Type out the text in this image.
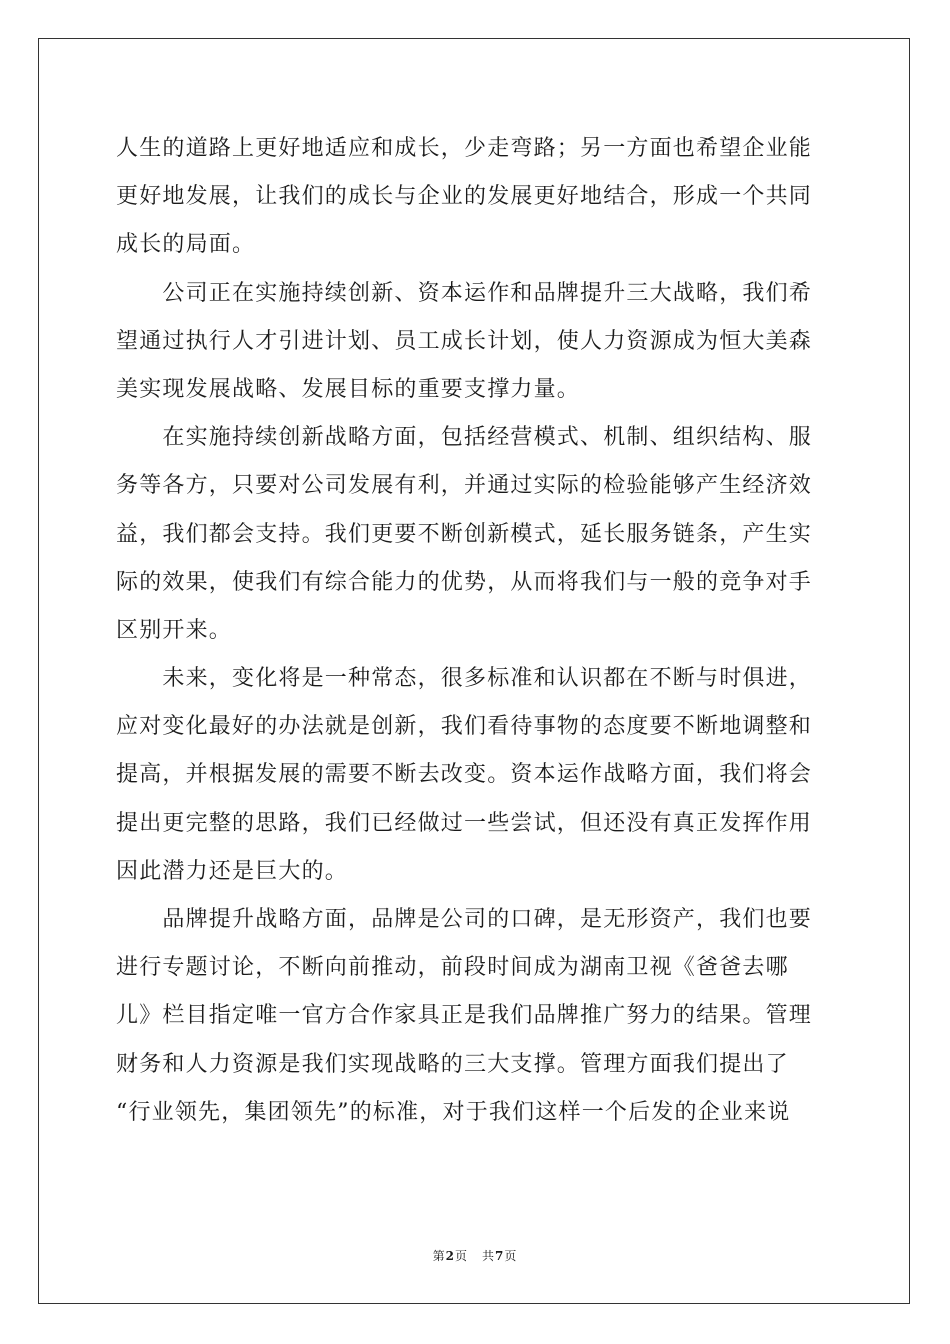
人生的道路上更好地适应和成长，少走弯路；另一方面也希望企业能
更好地发展，让我们的成长与企业的发展更好地结合，形成一个共同
成长的局面。
　　公司正在实施持续创新、资本运作和品牌提升三大战略，我们希
望通过执行人才引进计划、员工成长计划，使人力资源成为恒大美森
美实现发展战略、发展目标的重要支撑力量。
　　在实施持续创新战略方面，包括经营模式、机制、组织结构、服
务等各方，只要对公司发展有利，并通过实际的检验能够产生经济效
益，我们都会支持。我们更要不断创新模式，延长服务链条，产生实
际的效果，使我们有综合能力的优势，从而将我们与一般的竞争对手
区别开来。
　　未来，变化将是一种常态，很多标准和认识都在不断与时俱进，
应对变化最好的办法就是创新，我们看待事物的态度要不断地调整和
提高，并根据发展的需要不断去改变。资本运作战略方面，我们将会
提出更完整的思路，我们已经做过一些尝试，但还没有真正发挥作用
因此潜力还是巨大的。
　　品牌提升战略方面，品牌是公司的口碑，是无形资产，我们也要
进行专题讨论，不断向前推动，前段时间成为湖南卫视《爸爸去哪
儿》栏目指定唯一官方合作家具正是我们品牌推广努力的结果。管理
财务和人力资源是我们实现战略的三大支撑。管理方面我们提出了
“行业领先，集团领先”的标准，对于我们这样一个后发的企业来说
第2页 共7页
